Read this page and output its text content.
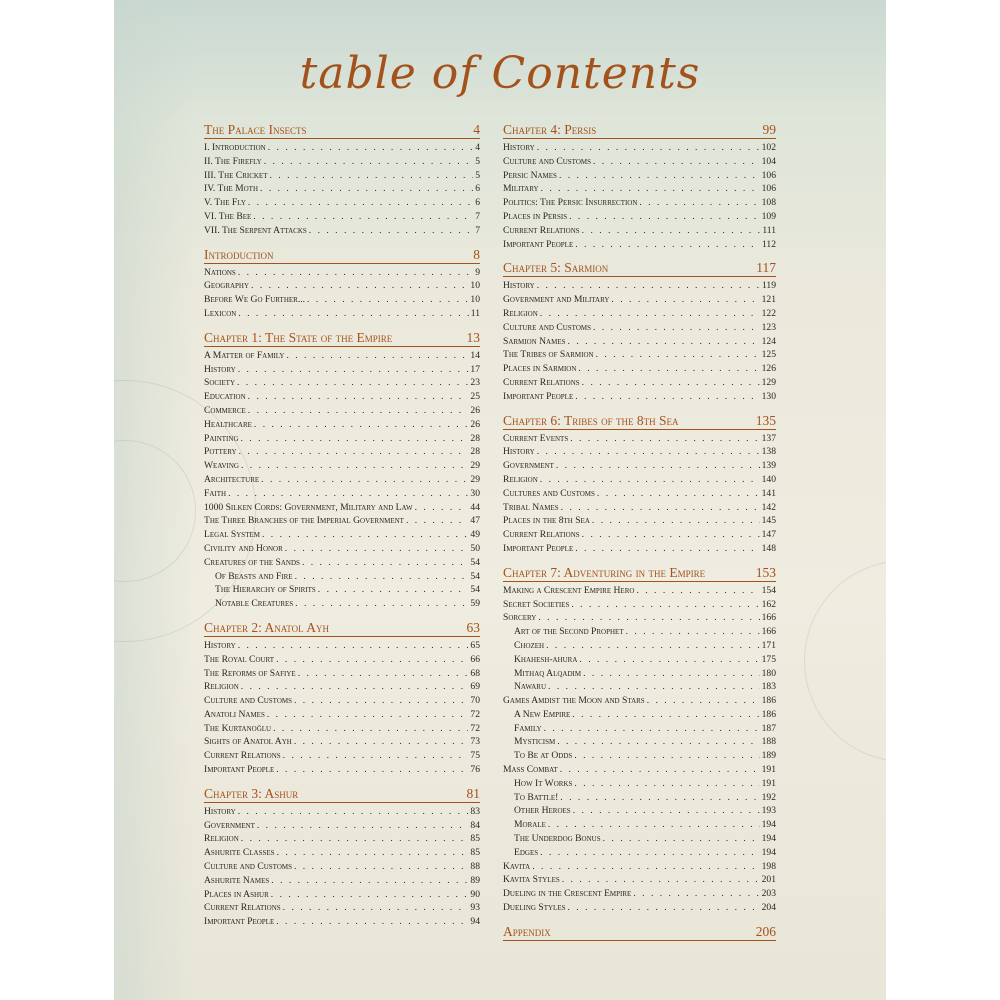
table of Contents
The Palace Insects	4
I. Introduction . . .	4
II. The Firefly . . .	5
III. The Cricket . . .	5
IV. The Moth . . .	6
V. The Fly . . .	6
VI. The Bee . . .	7
VII. The Serpent Attacks . . .	7
Introduction	8
Nations . . .	9
Geography . . .	10
Before We Go Further... . . .	10
Lexicon . . .	11
Chapter 1: The State of the Empire	13
A Matter of Family . . .	14
History . . .	17
Society . . .	23
Education . . .	25
Commerce . . .	26
Healthcare . . .	26
Painting . . .	28
Pottery . . .	28
Weaving . . .	29
Architecture . . .	29
Faith . . .	30
1000 Silken Cords: Government, Military and Law . . .	44
The Three Branches of the Imperial Government . . .	47
Legal System . . .	49
Civility and Honor . . .	50
Creatures of the Sands . . .	54
Of Beasts and Fire . . .	54
The Hierarchy of Spirits . . .	54
Notable Creatures . . .	59
Chapter 2: Anatol Ayh	63
History . . .	65
The Royal Court . . .	66
The Reforms of Safiye . . .	68
Religion . . .	69
Culture and Customs . . .	70
Anatoli Names . . .	72
The Kurtanoğlu . . .	72
Sights of Anatol Ayh . . .	73
Current Relations . . .	75
Important People . . .	76
Chapter 3: Ashur	81
History . . .	83
Government . . .	84
Religion . . .	85
Ashurite Classes . . .	85
Culture and Customs . . .	88
Ashurite Names . . .	89
Places in Ashur . . .	90
Current Relations . . .	93
Important People . . .	94
Chapter 4: Persis	99
History . . .	102
Culture and Customs . . .	104
Persic Names . . .	106
Military . . .	106
Politics: The Persic Insurrection . . .	108
Places in Persis . . .	109
Current Relations . . .	111
Important People . . .	112
Chapter 5: Sarmion	117
History . . .	119
Government and Military . . .	121
Religion . . .	122
Culture and Customs . . .	123
Sarmion Names . . .	124
The Tribes of Sarmion . . .	125
Places in Sarmion . . .	126
Current Relations . . .	129
Important People . . .	130
Chapter 6: Tribes of the 8th Sea	135
Current Events . . .	137
History . . .	138
Government . . .	139
Religion . . .	140
Cultures and Customs . . .	141
Tribal Names . . .	142
Places in the 8th Sea . . .	145
Current Relations . . .	147
Important People . . .	148
Chapter 7: Adventuring in the Empire	153
Making a Crescent Empire Hero . . .	154
Secret Societies . . .	162
Sorcery . . .	166
Art of the Second Prophet . . .	166
Chozeh . . .	171
Khahesh-ahura . . .	175
Mithaq Alqadim . . .	180
Nawaru . . .	183
Games Amdist the Moon and Stars . . .	186
A New Empire . . .	186
Family . . .	187
Mysticism . . .	188
To Be at Odds . . .	189
Mass Combat . . .	191
How It Works . . .	191
To Battle! . . .	192
Other Heroes . . .	193
Morale . . .	194
The Underdog Bonus . . .	194
Edges . . .	194
Kavita . . .	198
Kavita Styles . . .	201
Dueling in the Crescent Empire . . .	203
Dueling Styles . . .	204
Appendix	206
